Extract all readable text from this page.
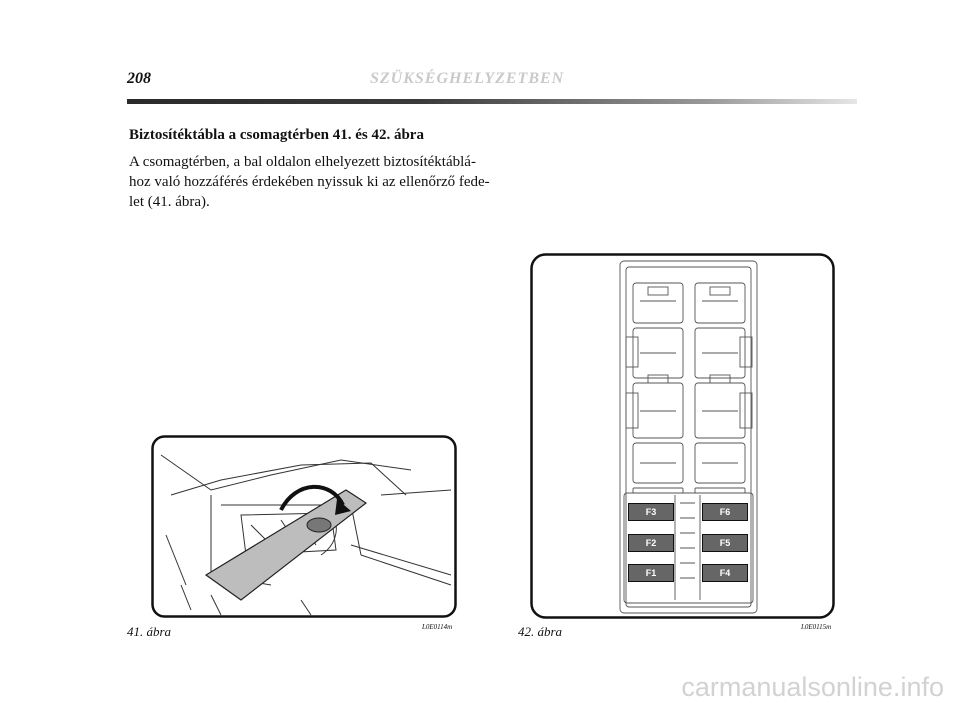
208	SZÜKSÉGHELYZETBEN
Biztosítéktábla a csomagtérben 41. és 42. ábra
A csomagtérben, a bal oldalon elhelyezett biztosítéktáblá-
hoz való hozzáférés érdekében nyissuk ki az ellenőrző fede-
let (41. ábra).
41. ábra	L0E0114m
F3
F2
F1
F6
F5
F4
42. ábra	L0E0115m
carmanualsonline.info
